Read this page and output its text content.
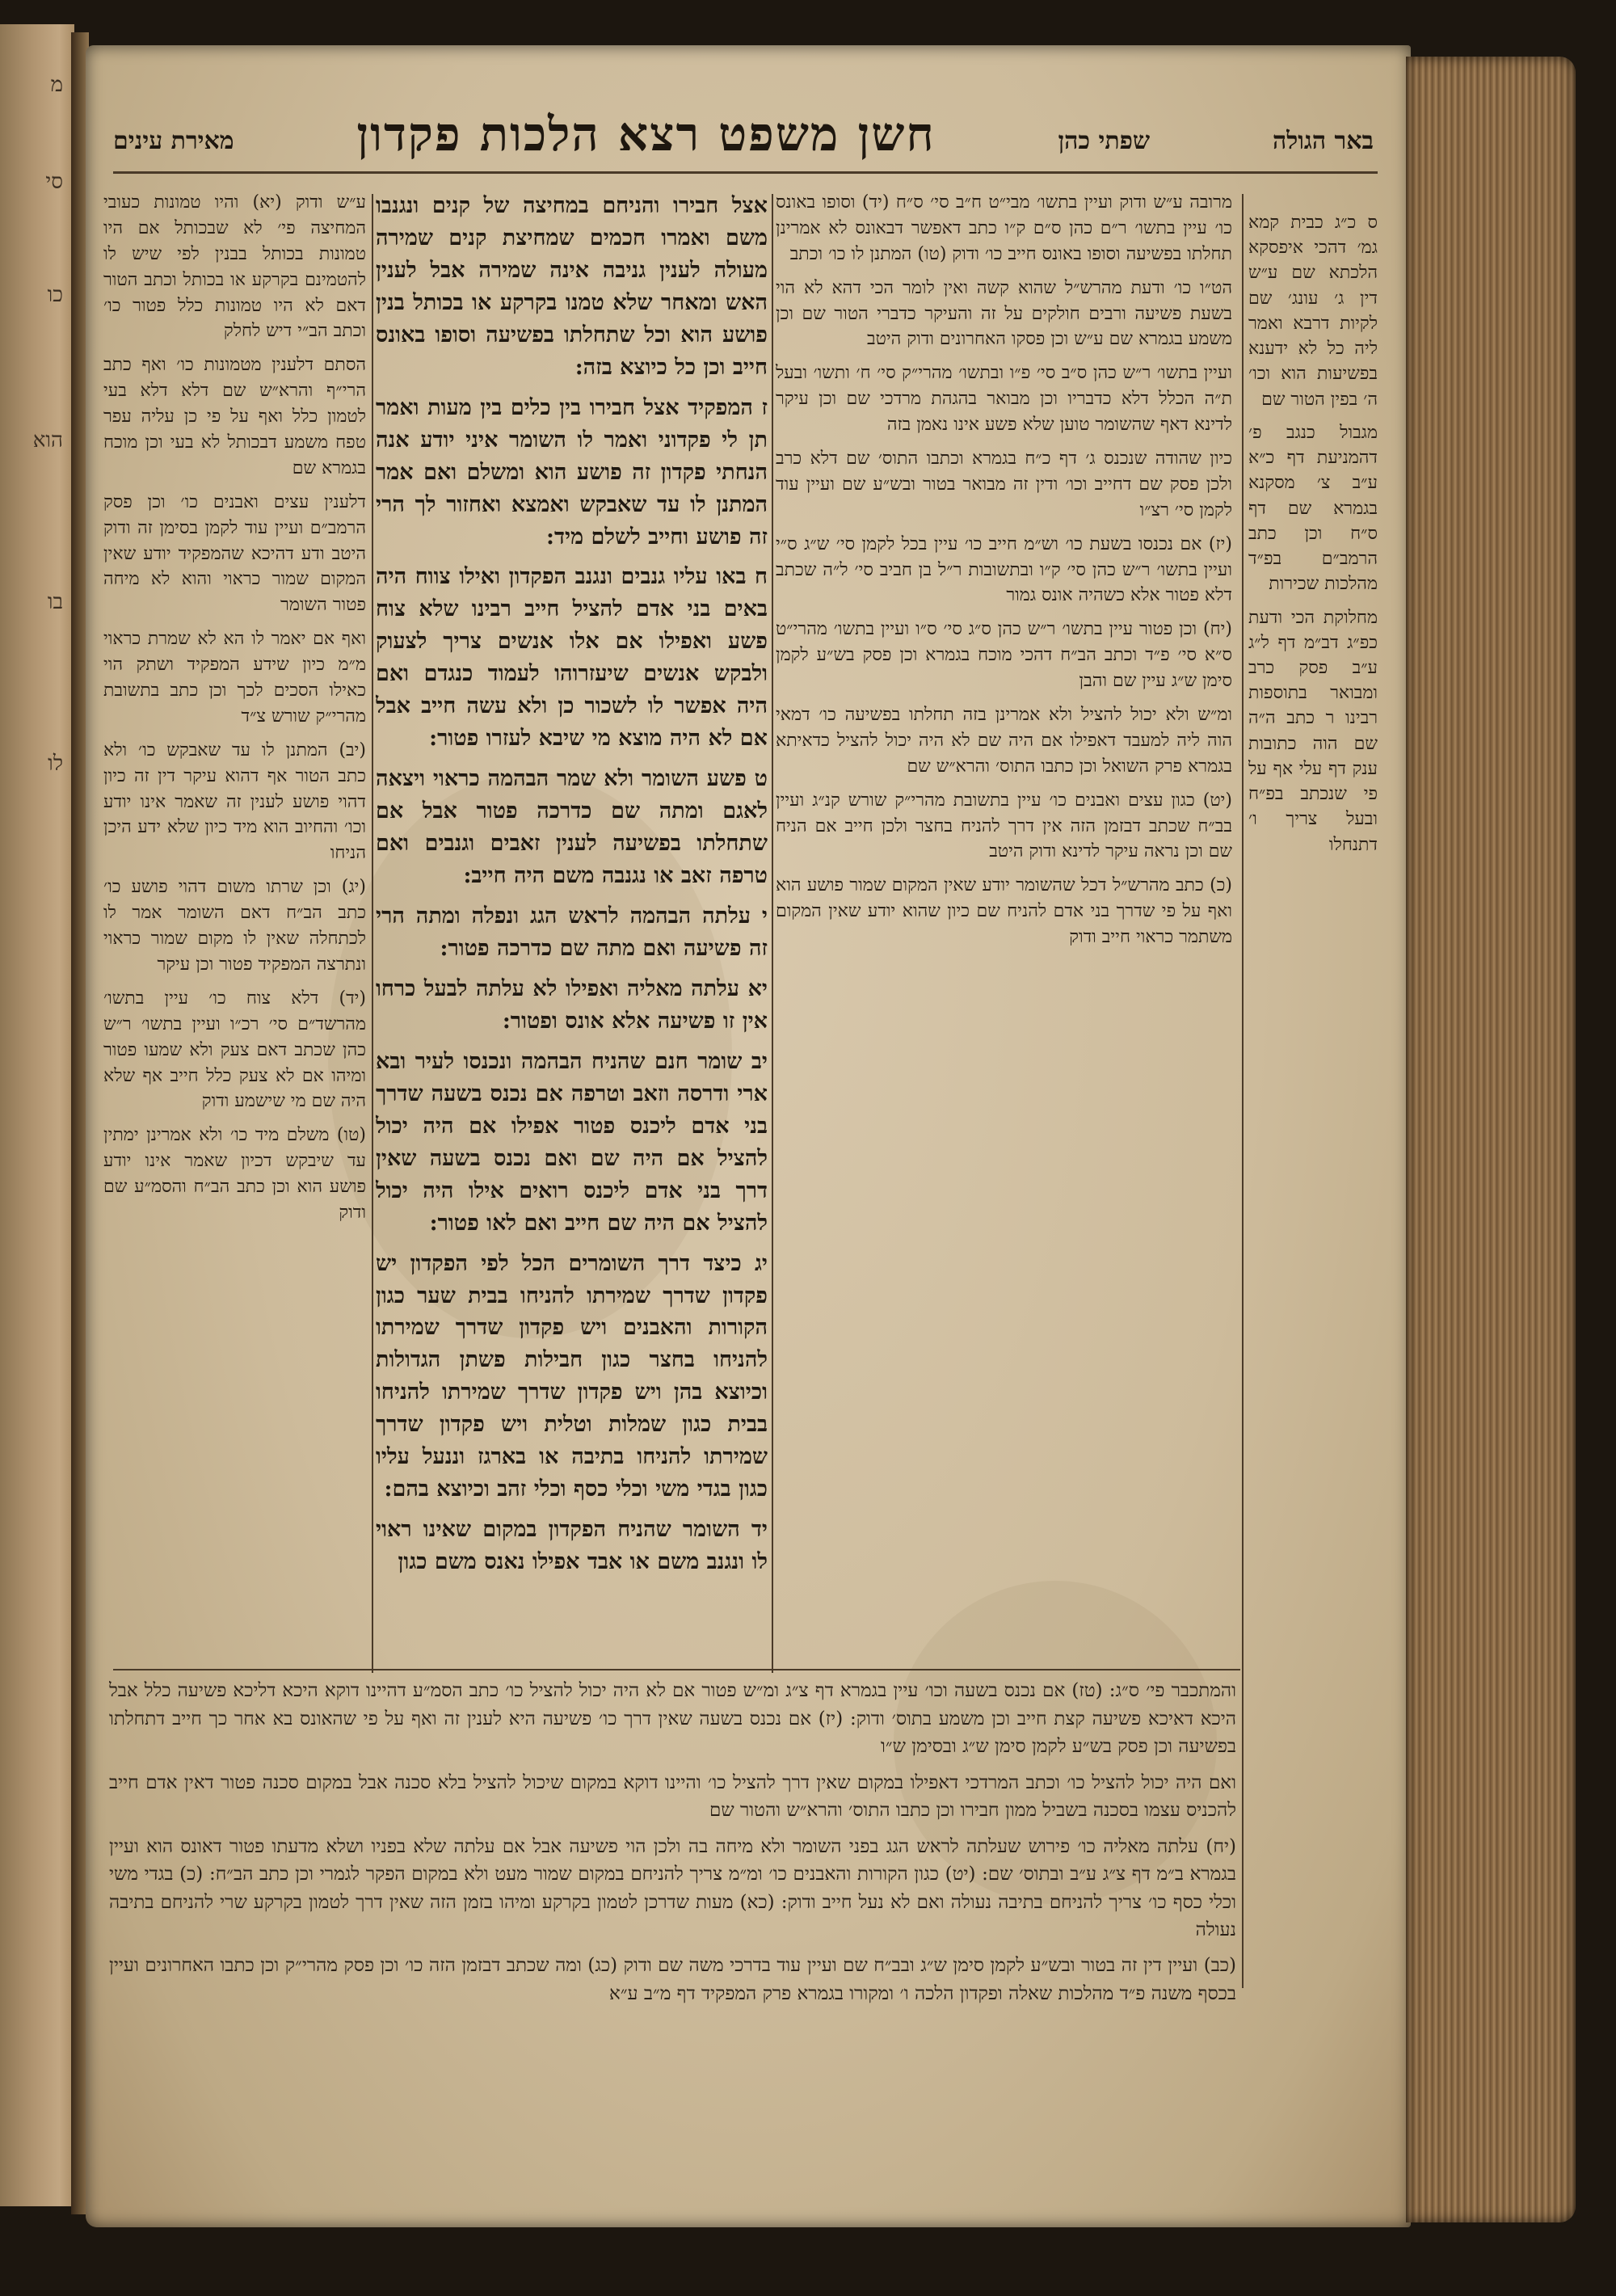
מ
סי
כו
הוא
בו
לו
באר הגולה
שפתי כהן
חשן משפט רצא הלכות פקדון
מאירת עינים

ס כ״ג כבית קמא גמ׳ דהכי איפסקא הלכתא שם ע״ש דין ג׳ עונג׳ שם לקיות דרבא ואמר ליה כל לא ידענא בפשיעות הוא וכו׳ ה׳ בפין הטור שם

מגבול כנגב פ׳ דהמניעת דף כ״א ע״ב צ׳ מסקנא בגמרא שם דף ס״ח וכן כתב הרמב״ם בפ״ד מהלכות שכירות

מחלוקת הכי ודעת כפ״ג דב״מ דף ל״ג ע״ב פסק כרב ומבואר בתוספות רבינו ר כתב ה״ה שם הוה כתובות ענק דף עלי אף על פי שנכתב בפ״ח ובעל צריך ו׳ דתנחלו

מרובה ע״ש ודוק ועיין בתשו׳ מבי״ט ח״ב סי׳ ס״ח (יד) וסופו באונס כו׳ עיין בתשו׳ ר״ם כהן ס״ם ק״ו כתב דאפשר דבאונס לא אמרינן תחלתו בפשיעה וסופו באונס חייב כו׳ ודוק (טו) המתנן לו כו׳ וכתב

הט״ו כו׳ ודעת מהרש״ל שהוא קשה ואין לומר הכי דהא לא הוי בשעת פשיעה ורבים חולקים על זה והעיקר כדברי הטור שם וכן משמע בגמרא שם ע״ש וכן פסקו האחרונים ודוק היטב

ועיין בתשו׳ ר״ש כהן ס״ב סי׳ פ״ו ובתשו׳ מהרי״ק סי׳ ח׳ ותשו׳ ובעל ת״ה הכלל דלא כדבריו וכן מבואר בהגהת מרדכי שם וכן עיקר לדינא דאף שהשומר טוען שלא פשע אינו נאמן בזה

כיון שהודה שנכנס ג׳ דף כ״ח בגמרא וכתבו התוס׳ שם דלא כרב ולכן פסק שם דחייב וכו׳ ודין זה מבואר בטור ובש״ע שם ועיין עוד לקמן סי׳ רצ״ו

(יז) אם נכנסו בשעת כו׳ וש״מ חייב כו׳ עיין בכל לקמן סי׳ ש״ג ס״י ועיין בתשו׳ ר״ש כהן סי׳ ק״ו ובתשובות ר״ל בן חביב סי׳ ל״ה שכתב דלא פטור אלא כשהיה אונס גמור

(יח) וכן פטור עיין בתשו׳ ר״ש כהן ס״ג סי׳ ס״ו ועיין בתשו׳ מהרי״ט ס״א סי׳ פ״ד וכתב הב״ח דהכי מוכח בגמרא וכן פסק בש״ע לקמן סימן ש״ג עיין שם והבן

ומ״ש ולא יכול להציל ולא אמרינן בזה תחלתו בפשיעה כו׳ דמאי הוה ליה למעבד דאפילו אם היה שם לא היה יכול להציל כדאיתא בגמרא פרק השואל וכן כתבו התוס׳ והרא״ש שם

(יט) כגון עצים ואבנים כו׳ עיין בתשובת מהרי״ק שורש קנ״ג ועיין בב״ח שכתב דבזמן הזה אין דרך להניח בחצר ולכן חייב אם הניח שם וכן נראה עיקר לדינא ודוק היטב

(כ) כתב מהרש״ל דכל שהשומר יודע שאין המקום שמור פושע הוא ואף על פי שדרך בני אדם להניח שם כיון שהוא יודע שאין המקום משתמר כראוי חייב ודוק

אצל חבירו והניחם במחיצה של קנים ונגנבו משם ואמרו חכמים שמחיצת קנים שמירה מעולה לענין גניבה אינה שמירה אבל לענין האש ומאחר שלא טמנו בקרקע או בכותל בנין פושע הוא וכל שתחלתו בפשיעה וסופו באונס חייב וכן כל כיוצא בזה:

ז המפקיד אצל חבירו בין כלים בין מעות ואמר תן לי פקדוני ואמר לו השומר איני יודע אנה הנחתי פקדון זה פושע הוא ומשלם ואם אמר המתנן לו עד שאבקש ואמצא ואחזור לך הרי זה פושע וחייב לשלם מיד:

ח באו עליו גנבים ונגנב הפקדון ואילו צווח היה באים בני אדם להציל חייב רבינו שלא צוח פשע ואפילו אם אלו אנשים צריך לצעוק ולבקש אנשים שיעזרוהו לעמוד כנגדם ואם היה אפשר לו לשכור כן ולא עשה חייב אבל אם לא היה מוצא מי שיבא לעזרו פטור:

ט פשע השומר ולא שמר הבהמה כראוי ויצאה לאגם ומתה שם כדרכה פטור אבל אם שתחלתו בפשיעה לענין זאבים וגנבים ואם טרפה זאב או נגנבה משם היה חייב:

י עלתה הבהמה לראש הגג ונפלה ומתה הרי זה פשיעה ואם מתה שם כדרכה פטור:

יא עלתה מאליה ואפילו לא עלתה לבעל כרחו אין זו פשיעה אלא אונס ופטור:

יב שומר חנם שהניח הבהמה ונכנסו לעיר ובא ארי ודרסה וזאב וטרפה אם נכנס בשעה שדרך בני אדם ליכנס פטור אפילו אם היה יכול להציל אם היה שם ואם נכנס בשעה שאין דרך בני אדם ליכנס רואים אילו היה יכול להציל אם היה שם חייב ואם לאו פטור:

יג כיצד דרך השומרים הכל לפי הפקדון יש פקדון שדרך שמירתו להניחו בבית שער כגון הקורות והאבנים ויש פקדון שדרך שמירתו להניחו בחצר כגון חבילות פשתן הגדולות וכיוצא בהן ויש פקדון שדרך שמירתו להניחו בבית כגון שמלות וטלית ויש פקדון שדרך שמירתו להניחו בתיבה או בארגז וננעל עליו כגון בגדי משי וכלי כסף וכלי זהב וכיוצא בהם:

יד השומר שהניח הפקדון במקום שאינו ראוי לו ונגנב משם או אבד אפילו נאנס משם כגון

ע״ש ודוק (יא) והיו טמונות כעובי המחיצה פי׳ לא שבכותל אם היו טמונות בכותל בבנין לפי שיש לו להטמינם בקרקע או בכותל וכתב הטור דאם לא היו טמונות כלל פטור כו׳ וכתב הב״י דיש לחלק

הסתם דלענין מטמונות כו׳ ואף כתב הרי״ף והרא״ש שם דלא דלא בעי לטמון כלל ואף על פי כן עליה עפר טפח משמע דבכותל לא בעי וכן מוכח בגמרא שם

דלענין עצים ואבנים כו׳ וכן פסק הרמב״ם ועיין עוד לקמן בסימן זה ודוק היטב ודע דהיכא שהמפקיד יודע שאין המקום שמור כראוי והוא לא מיחה פטור השומר

ואף אם יאמר לו הא לא שמרת כראוי מ״מ כיון שידע המפקיד ושתק הוי כאילו הסכים לכך וכן כתב בתשובת מהרי״ק שורש צ״ד

(יב) המתנן לו עד שאבקש כו׳ ולא כתב הטור אף דהוא עיקר דין זה כיון דהוי פושע לענין זה שאמר אינו יודע וכו׳ והחיוב הוא מיד כיון שלא ידע היכן הניחו

(יג) וכן שרתו משום דהוי פושע כו׳ כתב הב״ח דאם השומר אמר לו לכתחלה שאין לו מקום שמור כראוי ונתרצה המפקיד פטור וכן עיקר

(יד) דלא צוח כו׳ עיין בתשו׳ מהרשד״ם סי׳ רכ״ו ועיין בתשו׳ ר״ש כהן שכתב דאם צעק ולא שמעו פטור ומיהו אם לא צעק כלל חייב אף שלא היה שם מי שישמע ודוק

(טו) משלם מיד כו׳ ולא אמרינן ימתין עד שיבקש דכיון שאמר אינו יודע פושע הוא וכן כתב הב״ח והסמ״ע שם ודוק

והמתכבר פי׳ ס״ג: (טז) אם נכנס בשעה וכו׳ עיין בגמרא דף צ״ג ומ״ש פטור אם לא היה יכול להציל כו׳ כתב הסמ״ע דהיינו דוקא היכא דליכא פשיעה כלל אבל היכא דאיכא פשיעה קצת חייב וכן משמע בתוס׳ ודוק: (יז) אם נכנס בשעה שאין דרך כו׳ פשיעה היא לענין זה ואף על פי שהאונס בא אחר כך חייב דתחלתו בפשיעה וכן פסק בש״ע לקמן סימן ש״ג ובסימן ש״ו

ואם היה יכול להציל כו׳ וכתב המרדכי דאפילו במקום שאין דרך להציל כו׳ והיינו דוקא במקום שיכול להציל בלא סכנה אבל במקום סכנה פטור דאין אדם חייב להכניס עצמו בסכנה בשביל ממון חבירו וכן כתבו התוס׳ והרא״ש והטור שם

(יח) עלתה מאליה כו׳ פירוש שעלתה לראש הגג בפני השומר ולא מיחה בה ולכן הוי פשיעה אבל אם עלתה שלא בפניו ושלא מדעתו פטור דאונס הוא ועיין בגמרא ב״מ דף צ״ג ע״ב ובתוס׳ שם: (יט) כגון הקורות והאבנים כו׳ ומ״מ צריך להניחם במקום שמור מעט ולא במקום הפקר לגמרי וכן כתב הב״ח: (כ) בגדי משי וכלי כסף כו׳ צריך להניחם בתיבה נעולה ואם לא נעל חייב ודוק: (כא) מעות שדרכן לטמון בקרקע ומיהו בזמן הזה שאין דרך לטמון בקרקע שרי להניחם בתיבה נעולה

(כב) ועיין דין זה בטור ובש״ע לקמן סימן ש״ג ובב״ח שם ועיין עוד בדרכי משה שם ודוק (כג) ומה שכתב דבזמן הזה כו׳ וכן פסק מהרי״ק וכן כתבו האחרונים ועיין בכסף משנה פ״ד מהלכות שאלה ופקדון הלכה ו׳ ומקורו בגמרא פרק המפקיד דף מ״ב ע״א
